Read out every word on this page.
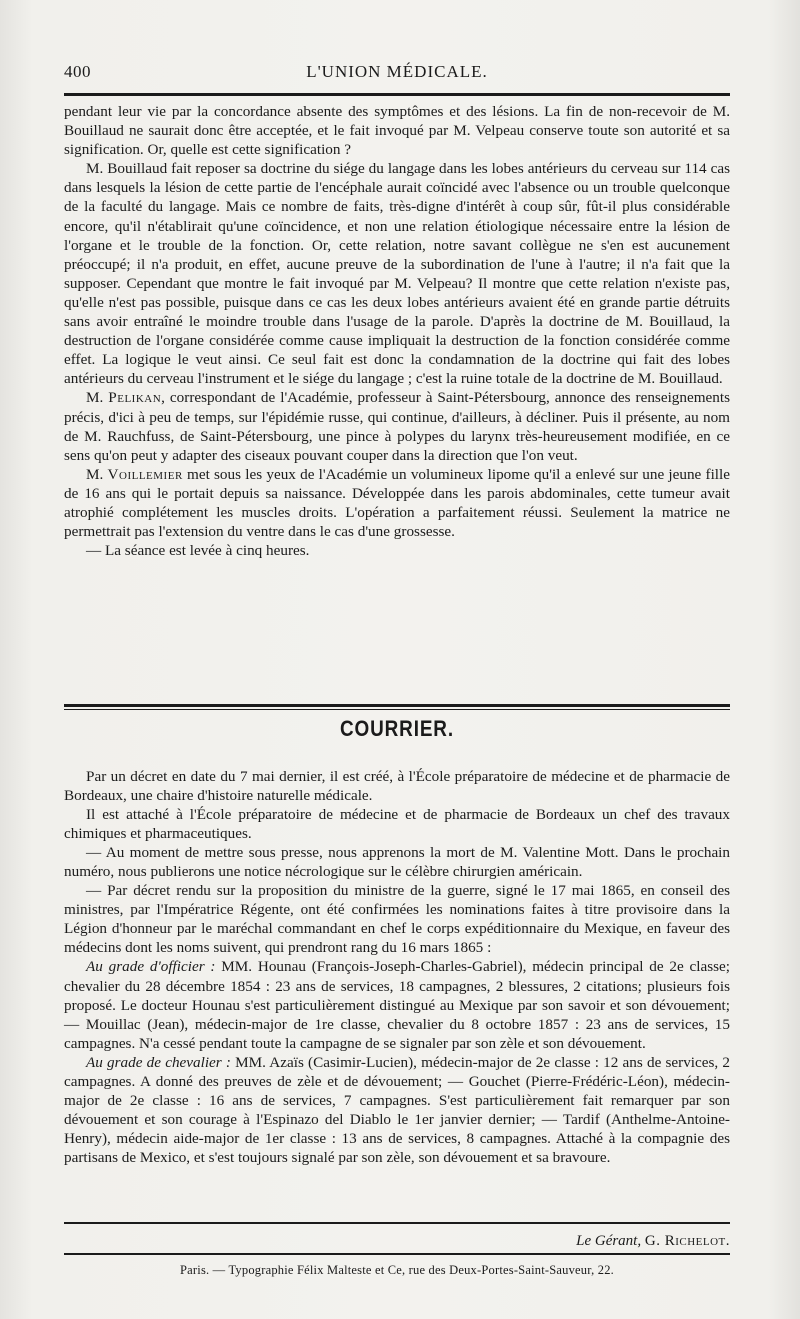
400	L'UNION MÉDICALE.

pendant leur vie par la concordance absente des symptômes et des lésions. La fin de non-recevoir de M. Bouillaud ne saurait donc être acceptée, et le fait invoqué par M. Velpeau conserve toute son autorité et sa signification. Or, quelle est cette signification ?

M. Bouillaud fait reposer sa doctrine du siége du langage dans les lobes antérieurs du cerveau sur 114 cas dans lesquels la lésion de cette partie de l'encéphale aurait coïncidé avec l'absence ou un trouble quelconque de la faculté du langage. Mais ce nombre de faits, très-digne d'intérêt à coup sûr, fût-il plus considérable encore, qu'il n'établirait qu'une coïncidence, et non une relation étiologique nécessaire entre la lésion de l'organe et le trouble de la fonction. Or, cette relation, notre savant collègue ne s'en est aucunement préoccupé; il n'a produit, en effet, aucune preuve de la subordination de l'une à l'autre; il n'a fait que la supposer. Cependant que montre le fait invoqué par M. Velpeau? Il montre que cette relation n'existe pas, qu'elle n'est pas possible, puisque dans ce cas les deux lobes antérieurs avaient été en grande partie détruits sans avoir entraîné le moindre trouble dans l'usage de la parole. D'après la doctrine de M. Bouillaud, la destruction de l'organe considérée comme cause impliquait la destruction de la fonction considérée comme effet. La logique le veut ainsi. Ce seul fait est donc la condamnation de la doctrine qui fait des lobes antérieurs du cerveau l'instrument et le siége du langage ; c'est la ruine totale de la doctrine de M. Bouillaud.

M. Pelikan, correspondant de l'Académie, professeur à Saint-Pétersbourg, annonce des renseignements précis, d'ici à peu de temps, sur l'épidémie russe, qui continue, d'ailleurs, à décliner. Puis il présente, au nom de M. Rauchfuss, de Saint-Pétersbourg, une pince à polypes du larynx très-heureusement modifiée, en ce sens qu'on peut y adapter des ciseaux pouvant couper dans la direction que l'on veut.

M. Voillemier met sous les yeux de l'Académie un volumineux lipome qu'il a enlevé sur une jeune fille de 16 ans qui le portait depuis sa naissance. Développée dans les parois abdominales, cette tumeur avait atrophié complétement les muscles droits. L'opération a parfaitement réussi. Seulement la matrice ne permettrait pas l'extension du ventre dans le cas d'une grossesse.

— La séance est levée à cinq heures.

COURRIER.

Par un décret en date du 7 mai dernier, il est créé, à l'École préparatoire de médecine et de pharmacie de Bordeaux, une chaire d'histoire naturelle médicale.

Il est attaché à l'École préparatoire de médecine et de pharmacie de Bordeaux un chef des travaux chimiques et pharmaceutiques.

— Au moment de mettre sous presse, nous apprenons la mort de M. Valentine Mott. Dans le prochain numéro, nous publierons une notice nécrologique sur le célèbre chirurgien américain.

— Par décret rendu sur la proposition du ministre de la guerre, signé le 17 mai 1865, en conseil des ministres, par l'Impératrice Régente, ont été confirmées les nominations faites à titre provisoire dans la Légion d'honneur par le maréchal commandant en chef le corps expéditionnaire du Mexique, en faveur des médecins dont les noms suivent, qui prendront rang du 16 mars 1865 :

Au grade d'officier : MM. Hounau (François-Joseph-Charles-Gabriel), médecin principal de 2e classe; chevalier du 28 décembre 1854 : 23 ans de services, 18 campagnes, 2 blessures, 2 citations; plusieurs fois proposé. Le docteur Hounau s'est particulièrement distingué au Mexique par son savoir et son dévouement; — Mouillac (Jean), médecin-major de 1re classe, chevalier du 8 octobre 1857 : 23 ans de services, 15 campagnes. N'a cessé pendant toute la campagne de se signaler par son zèle et son dévouement.

Au grade de chevalier : MM. Azaïs (Casimir-Lucien), médecin-major de 2e classe : 12 ans de services, 2 campagnes. A donné des preuves de zèle et de dévouement; — Gouchet (Pierre-Frédéric-Léon), médecin-major de 2e classe : 16 ans de services, 7 campagnes. S'est particulièrement fait remarquer par son dévouement et son courage à l'Espinazo del Diablo le 1er janvier dernier; — Tardif (Anthelme-Antoine-Henry), médecin aide-major de 1er classe : 13 ans de services, 8 campagnes. Attaché à la compagnie des partisans de Mexico, et s'est toujours signalé par son zèle, son dévouement et sa bravoure.

Le Gérant, G. Richelot.
Paris. — Typographie Félix Malteste et Ce, rue des Deux-Portes-Saint-Sauveur, 22.
